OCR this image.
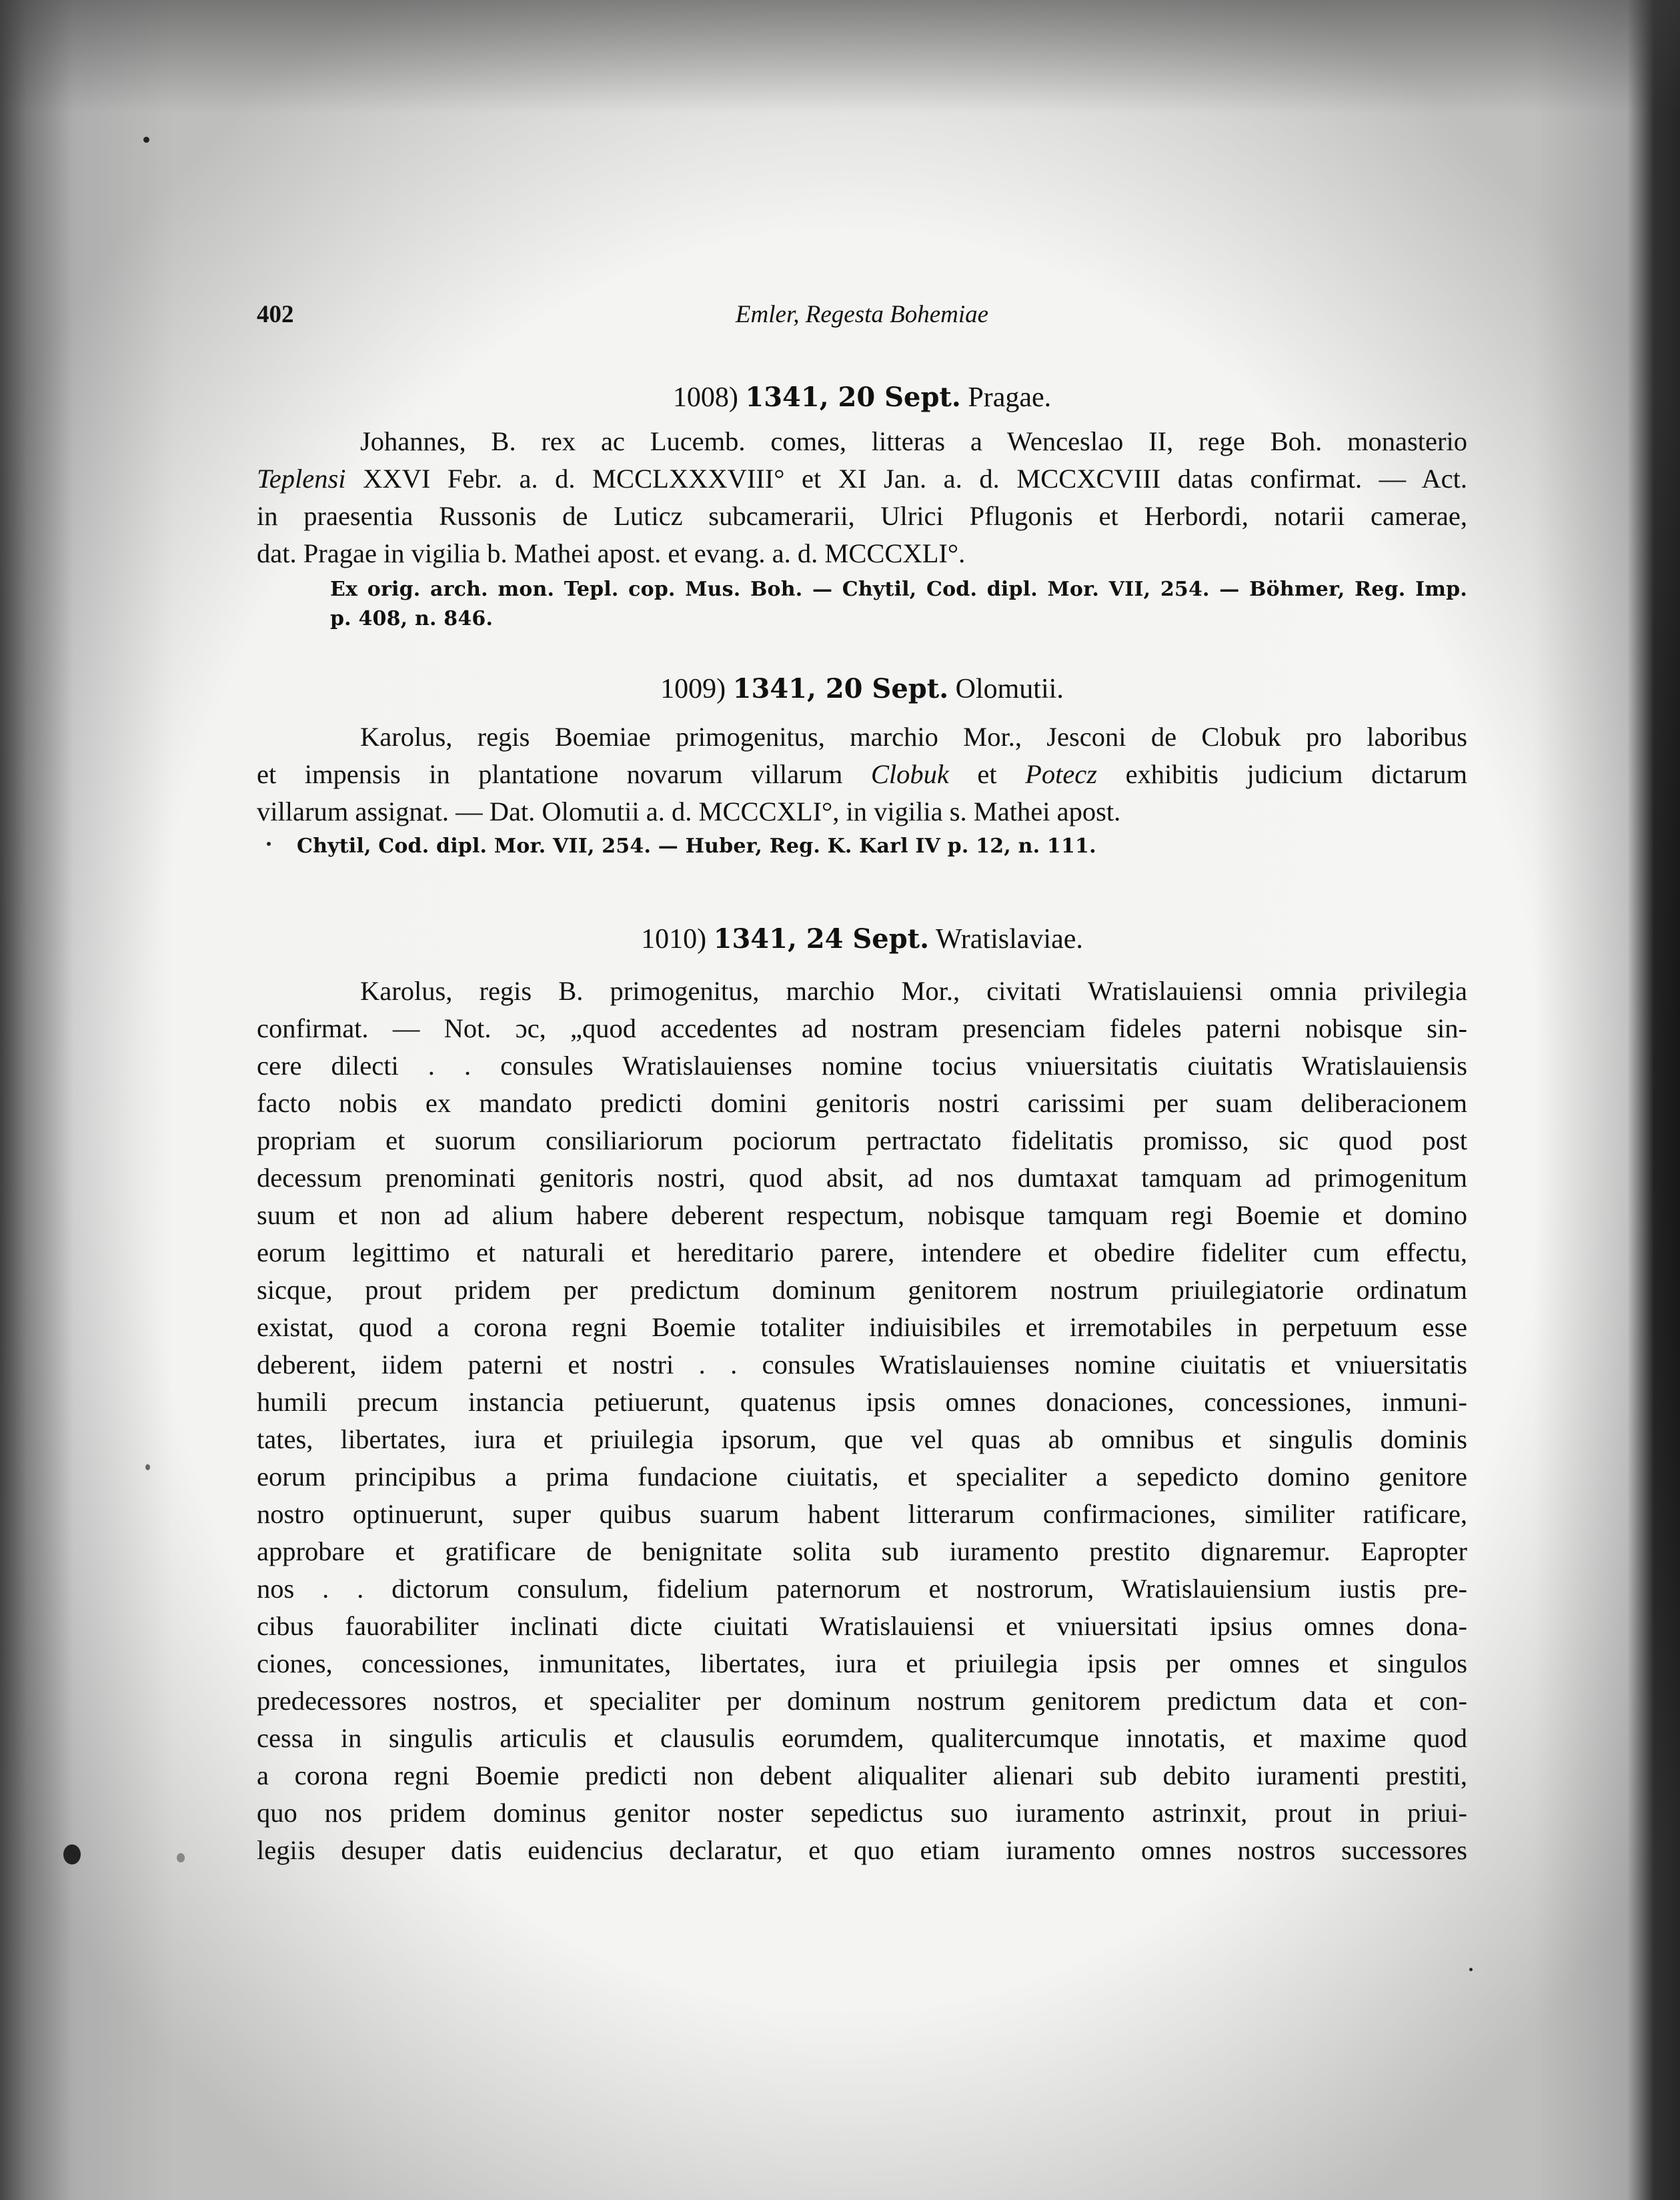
402	Emler, Regesta Bohemiae

1008) 1341, 20 Sept. Pragae.

Johannes, B. rex ac Lucemb. comes, litteras a Wenceslao II, rege Boh. monasterio
Teplensi XXVI Febr. a. d. MCCLXXXVIII° et XI Jan. a. d. MCCXCVIII datas confirmat. — Act.
in praesentia Russonis de Luticz subcamerarii, Ulrici Pflugonis et Herbordi, notarii camerae,
dat. Pragae in vigilia b. Mathei apost. et evang. a. d. MCCCXLI°.
Ex orig. arch. mon. Tepl. cop. Mus. Boh. — Chytil, Cod. dipl. Mor. VII, 254. — Böhmer, Reg. Imp.
p. 408, n. 846.

1009) 1341, 20 Sept. Olomutii.

Karolus, regis Boemiae primogenitus, marchio Mor., Jesconi de Clobuk pro laboribus
et impensis in plantatione novarum villarum Clobuk et Potecz exhibitis judicium dictarum
villarum assignat. — Dat. Olomutii a. d. MCCCXLI°, in vigilia s. Mathei apost.
Chytil, Cod. dipl. Mor. VII, 254. — Huber, Reg. K. Karl IV p. 12, n. 111.

1010) 1341, 24 Sept. Wratislaviae.

Karolus, regis B. primogenitus, marchio Mor., civitati Wratislauiensi omnia privilegia
confirmat. — Not. ɔc, „quod accedentes ad nostram presenciam fideles paterni nobisque sin-
cere dilecti . . consules Wratislauienses nomine tocius vniuersitatis ciuitatis Wratislauiensis
facto nobis ex mandato predicti domini genitoris nostri carissimi per suam deliberacionem
propriam et suorum consiliariorum pociorum pertractato fidelitatis promisso, sic quod post
decessum prenominati genitoris nostri, quod absit, ad nos dumtaxat tamquam ad primogenitum
suum et non ad alium habere deberent respectum, nobisque tamquam regi Boemie et domino
eorum legittimo et naturali et hereditario parere, intendere et obedire fideliter cum effectu,
sicque, prout pridem per predictum dominum genitorem nostrum priuilegiatorie ordinatum
existat, quod a corona regni Boemie totaliter indiuisibiles et irremotabiles in perpetuum esse
deberent, iidem paterni et nostri . . consules Wratislauienses nomine ciuitatis et vniuersitatis
humili precum instancia petiuerunt, quatenus ipsis omnes donaciones, concessiones, inmuni-
tates, libertates, iura et priuilegia ipsorum, que vel quas ab omnibus et singulis dominis
eorum principibus a prima fundacione ciuitatis, et specialiter a sepedicto domino genitore
nostro optinuerunt, super quibus suarum habent litterarum confirmaciones, similiter ratificare,
approbare et gratificare de benignitate solita sub iuramento prestito dignaremur. Eapropter
nos . . dictorum consulum, fidelium paternorum et nostrorum, Wratislauiensium iustis pre-
cibus fauorabiliter inclinati dicte ciuitati Wratislauiensi et vniuersitati ipsius omnes dona-
ciones, concessiones, inmunitates, libertates, iura et priuilegia ipsis per omnes et singulos
predecessores nostros, et specialiter per dominum nostrum genitorem predictum data et con-
cessa in singulis articulis et clausulis eorumdem, qualitercumque innotatis, et maxime quod
a corona regni Boemie predicti non debent aliqualiter alienari sub debito iuramenti prestiti,
quo nos pridem dominus genitor noster sepedictus suo iuramento astrinxit, prout in priui-
legiis desuper datis euidencius declaratur, et quo etiam iuramento omnes nostros successores
